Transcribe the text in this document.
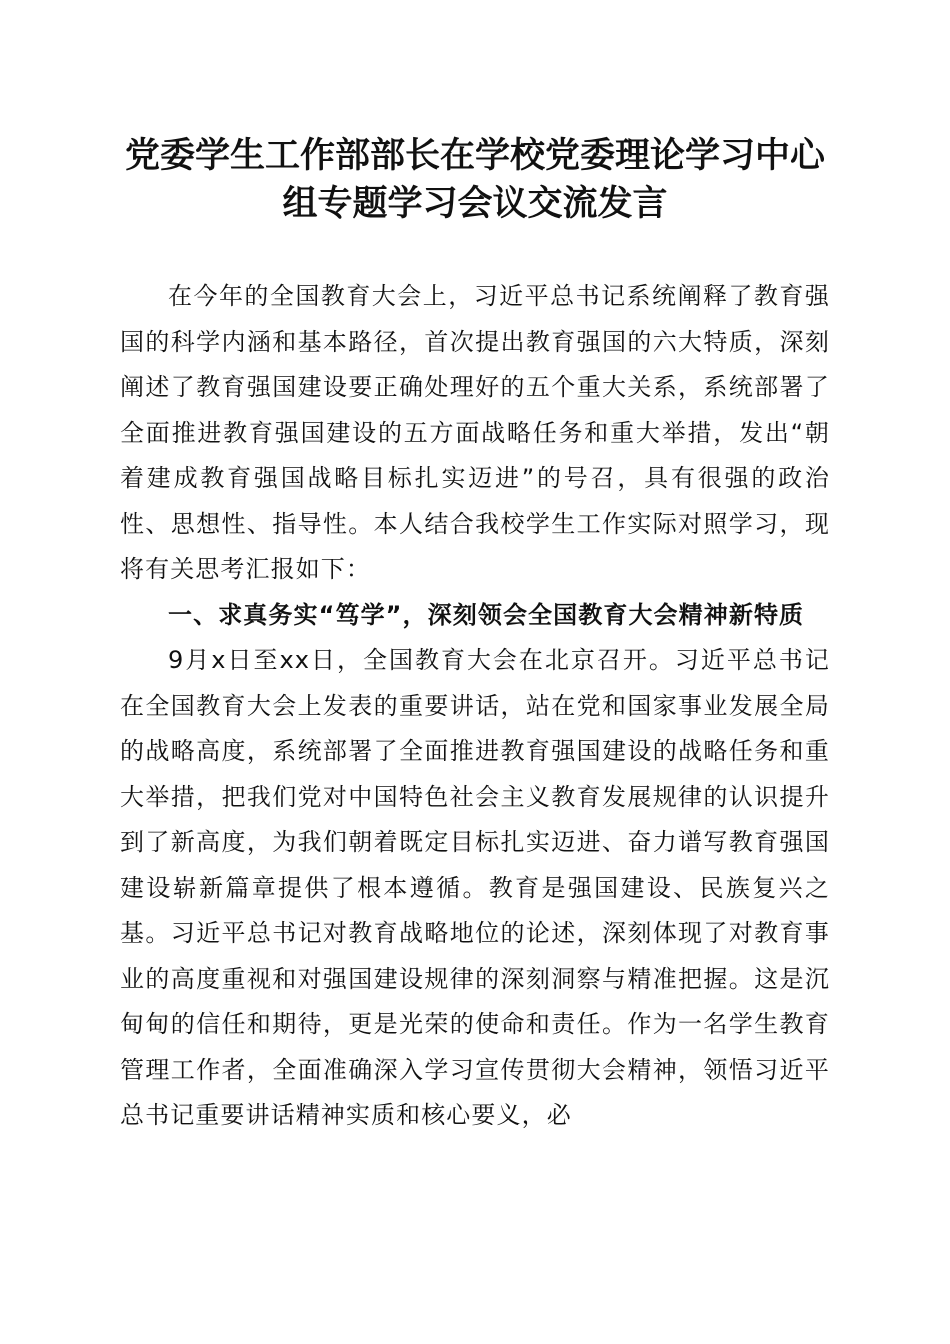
党委学生工作部部长在学校党委理论学习中心
组专题学习会议交流发言

在今年的全国教育大会上，习近平总书记系统阐释了教育强国的科学内涵和基本路径，首次提出教育强国的六大特质，深刻阐述了教育强国建设要正确处理好的五个重大关系，系统部署了全面推进教育强国建设的五方面战略任务和重大举措，发出“朝着建成教育强国战略目标扎实迈进”的号召，具有很强的政治性、思想性、指导性。本人结合我校学生工作实际对照学习，现将有关思考汇报如下：

一、求真务实“笃学”，深刻领会全国教育大会精神新特质

9月x日至xx日，全国教育大会在北京召开。习近平总书记在全国教育大会上发表的重要讲话，站在党和国家事业发展全局的战略高度，系统部署了全面推进教育强国建设的战略任务和重大举措，把我们党对中国特色社会主义教育发展规律的认识提升到了新高度，为我们朝着既定目标扎实迈进、奋力谱写教育强国建设崭新篇章提供了根本遵循。教育是强国建设、民族复兴之基。习近平总书记对教育战略地位的论述，深刻体现了对教育事业的高度重视和对强国建设规律的深刻洞察与精准把握。这是沉甸甸的信任和期待，更是光荣的使命和责任。作为一名学生教育管理工作者，全面准确深入学习宣传贯彻大会精神，领悟习近平总书记重要讲话精神实质和核心要义，必
